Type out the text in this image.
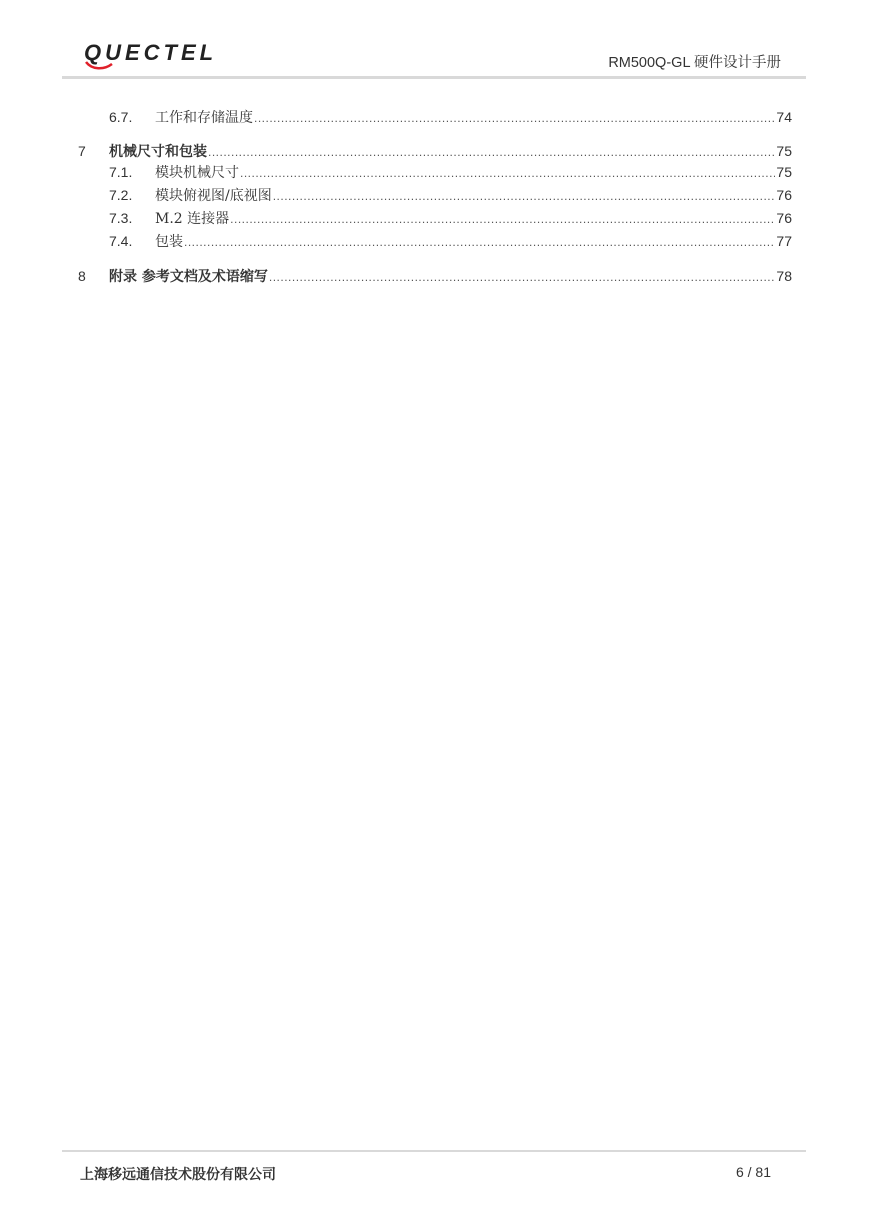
QUECTEL	RM500Q-GL 硬件设计手册
6.7.	工作和存储温度 .....	74
7	机械尺寸和包装 .....	75
7.1.	模块机械尺寸 .....	75
7.2.	模块俯视图/底视图 .....	76
7.3.	M.2 连接器 .....	76
7.4.	包装 .....	77
8	附录 参考文档及术语缩写 .....	78
上海移远通信技术股份有限公司	6 / 81
